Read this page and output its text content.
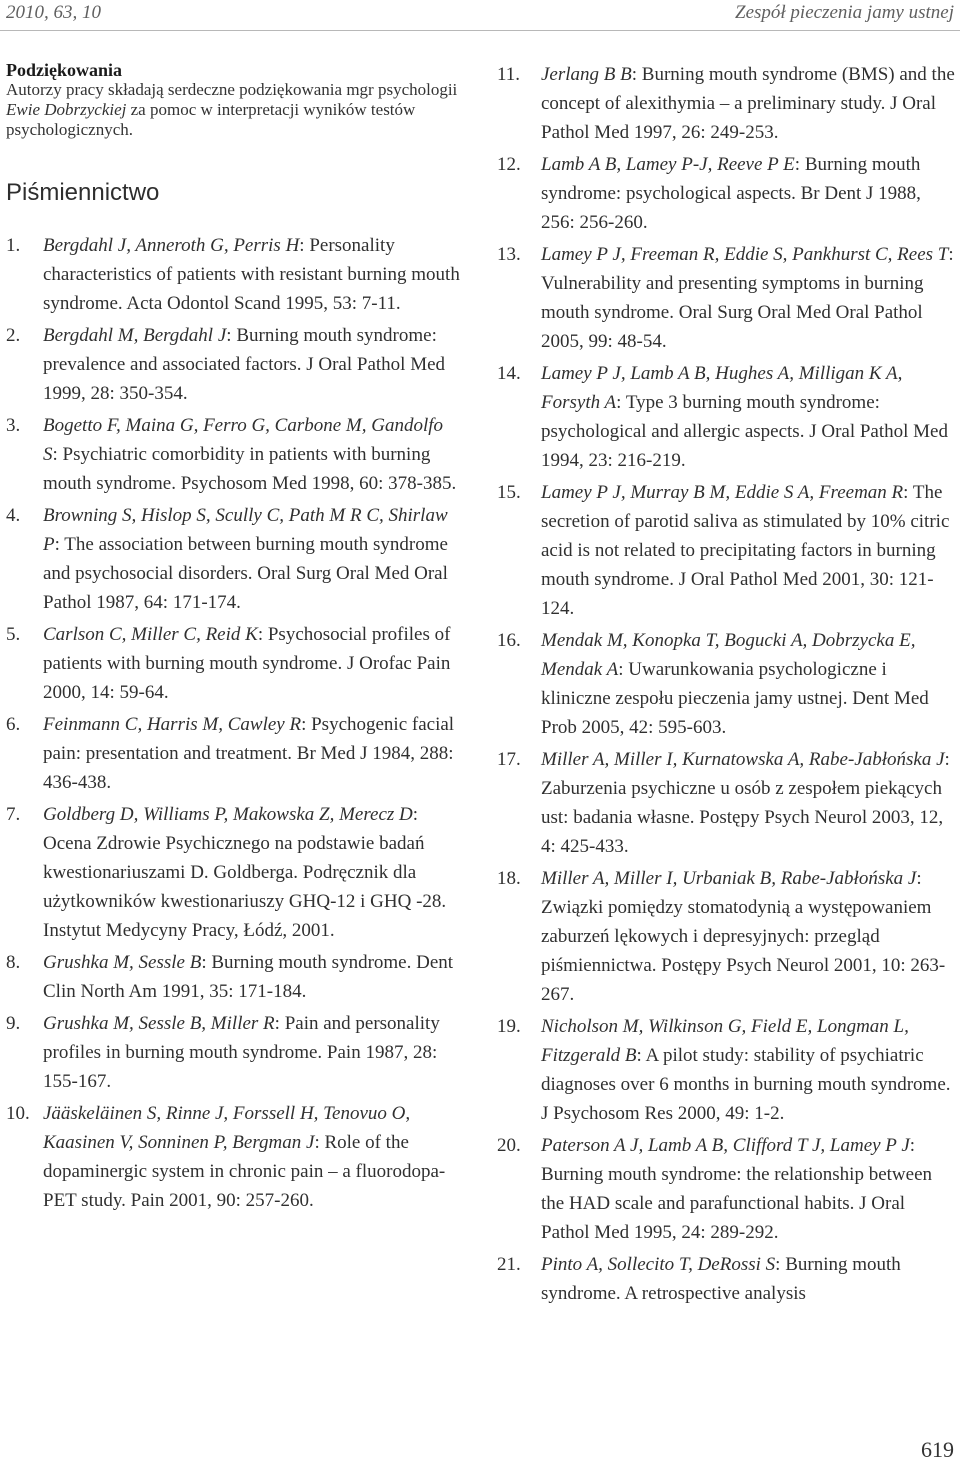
2010, 63, 10	Zespół pieczenia jamy ustnej
Podziękowania
Autorzy pracy składają serdeczne podziękowania mgr psychologii Ewie Dobrzyckiej za pomoc w interpretacji wyników testów psychologicznych.
Piśmiennictwo
1. Bergdahl J, Anneroth G, Perris H : Personality characteristics of patients with resistant burning mouth syndrome. Acta Odontol Scand 1995, 53: 7-11.
2. Bergdahl M, Bergdahl J : Burning mouth syndrome: prevalence and associated factors. J Oral Pathol Med 1999, 28: 350-354.
3. Bogetto F, Maina G, Ferro G, Carbone M, Gandolfo S : Psychiatric comorbidity in patients with burning mouth syndrome. Psychosom Med 1998, 60: 378-385.
4. Browning S, Hislop S, Scully C, Path M R C, Shirlaw P : The association between burning mouth syndrome and psychosocial disorders. Oral Surg Oral Med Oral Pathol 1987, 64: 171-174.
5. Carlson C, Miller C, Reid K : Psychosocial profiles of patients with burning mouth syndrome. J Orofac Pain 2000, 14: 59-64.
6. Feinmann C, Harris M, Cawley R : Psychogenic facial pain: presentation and treatment. Br Med J 1984, 288: 436-438.
7. Goldberg D, Williams P, Makowska Z, Merecz D : Ocena Zdrowie Psychicznego na podstawie badań kwestionariuszami D. Goldberga. Podręcznik dla użytkowników kwestionariuszy GHQ-12 i GHQ -28. Instytut Medycyny Pracy, Łódź, 2001.
8. Grushka M, Sessle B : Burning mouth syndrome. Dent Clin North Am 1991, 35: 171-184.
9. Grushka M, Sessle B, Miller R : Pain and personality profiles in burning mouth syndrome. Pain 1987, 28: 155-167.
10. Jääskeläinen S, Rinne J, Forssell H, Tenovuo O, Kaasinen V, Sonninen P, Bergman J : Role of the dopaminergic system in chronic pain – a fluorodopa-PET study. Pain 2001, 90: 257-260.
11. Jerlang B B : Burning mouth syndrome (BMS) and the concept of alexithymia – a preliminary study. J Oral Pathol Med 1997, 26: 249-253.
12. Lamb A B, Lamey P-J, Reeve P E : Burning mouth syndrome: psychological aspects. Br Dent J 1988, 256: 256-260.
13. Lamey P J, Freeman R, Eddie S, Pankhurst C, Rees T : Vulnerability and presenting symptoms in burning mouth syndrome. Oral Surg Oral Med Oral Pathol 2005, 99: 48-54.
14. Lamey P J, Lamb A B, Hughes A, Milligan K A, Forsyth A : Type 3 burning mouth syndrome: psychological and allergic aspects. J Oral Pathol Med 1994, 23: 216-219.
15. Lamey P J, Murray B M, Eddie S A, Freeman R : The secretion of parotid saliva as stimulated by 10% citric acid is not related to precipitating factors in burning mouth syndrome. J Oral Pathol Med 2001, 30: 121-124.
16. Mendak M, Konopka T, Bogucki A, Dobrzycka E, Mendak A : Uwarunkowania psychologiczne i kliniczne zespołu pieczenia jamy ustnej. Dent Med Prob 2005, 42: 595-603.
17. Miller A, Miller I, Kurnatowska A, Rabe-Jabłońska J : Zaburzenia psychiczne u osób z zespołem piekących ust: badania własne. Postępy Psych Neurol 2003, 12, 4: 425-433.
18. Miller A, Miller I, Urbaniak B, Rabe-Jabłońska J : Związki pomiędzy stomatodynią a występowaniem zaburzeń lękowych i depresyjnych: przegląd piśmiennictwa. Postępy Psych Neurol 2001, 10: 263-267.
19. Nicholson M, Wilkinson G, Field E, Longman L, Fitzgerald B : A pilot study: stability of psychiatric diagnoses over 6 months in burning mouth syndrome. J Psychosom Res 2000, 49: 1-2.
20. Paterson A J, Lamb A B, Clifford T J, Lamey P J : Burning mouth syndrome: the relationship between the HAD scale and parafunctional habits. J Oral Pathol Med 1995, 24: 289-292.
21. Pinto A, Sollecito T, DeRossi S : Burning mouth syndrome. A retrospective analysis
619
